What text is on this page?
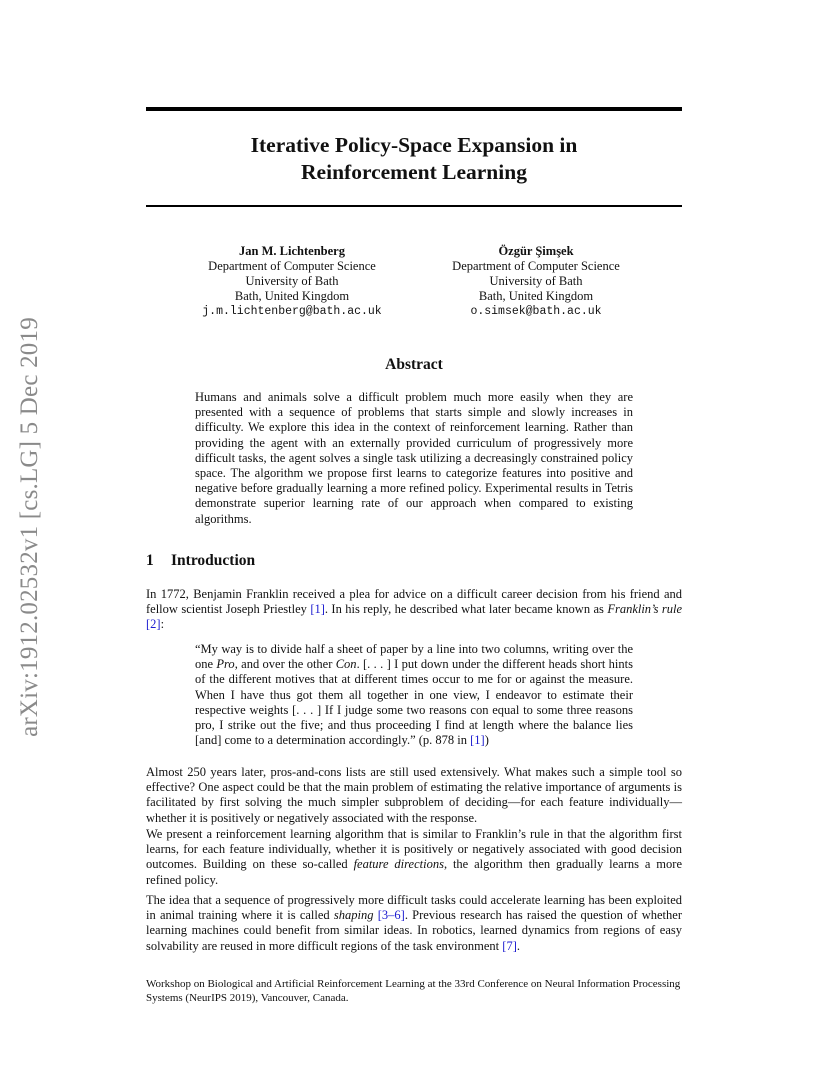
arXiv:1912.02532v1 [cs.LG] 5 Dec 2019
Iterative Policy-Space Expansion in
Reinforcement Learning
Jan M. Lichtenberg
Department of Computer Science
University of Bath
Bath, United Kingdom
j.m.lichtenberg@bath.ac.uk
Özgür Şimşek
Department of Computer Science
University of Bath
Bath, United Kingdom
o.simsek@bath.ac.uk
Abstract

Humans and animals solve a difficult problem much more easily when they are presented with a sequence of problems that starts simple and slowly increases in difficulty. We explore this idea in the context of reinforcement learning. Rather than providing the agent with an externally provided curriculum of progressively more difficult tasks, the agent solves a single task utilizing a decreasingly constrained policy space. The algorithm we propose first learns to categorize features into positive and negative before gradually learning a more refined policy. Experimental results in Tetris demonstrate superior learning rate of our approach when compared to existing algorithms.

1 Introduction

In 1772, Benjamin Franklin received a plea for advice on a difficult career decision from his friend and fellow scientist Joseph Priestley [1]. In his reply, he described what later became known as Franklin’s rule [2]:

“My way is to divide half a sheet of paper by a line into two columns, writing over the one Pro, and over the other Con. [. . . ] I put down under the different heads short hints of the different motives that at different times occur to me for or against the measure. When I have thus got them all together in one view, I endeavor to estimate their respective weights [. . . ] If I judge some two reasons con equal to some three reasons pro, I strike out the five; and thus proceeding I find at length where the balance lies [and] come to a determination accordingly.” (p. 878 in [1])

Almost 250 years later, pros-and-cons lists are still used extensively. What makes such a simple tool so effective? One aspect could be that the main problem of estimating the relative importance of arguments is facilitated by first solving the much simpler subproblem of deciding—for each feature individually—whether it is positively or negatively associated with the response.

We present a reinforcement learning algorithm that is similar to Franklin’s rule in that the algorithm first learns, for each feature individually, whether it is positively or negatively associated with good decision outcomes. Building on these so-called feature directions, the algorithm then gradually learns a more refined policy.

The idea that a sequence of progressively more difficult tasks could accelerate learning has been exploited in animal training where it is called shaping [3–6]. Previous research has raised the question of whether learning machines could benefit from similar ideas. In robotics, learned dynamics from regions of easy solvability are reused in more difficult regions of the task environment [7].

Workshop on Biological and Artificial Reinforcement Learning at the 33rd Conference on Neural Information Processing Systems (NeurIPS 2019), Vancouver, Canada.
